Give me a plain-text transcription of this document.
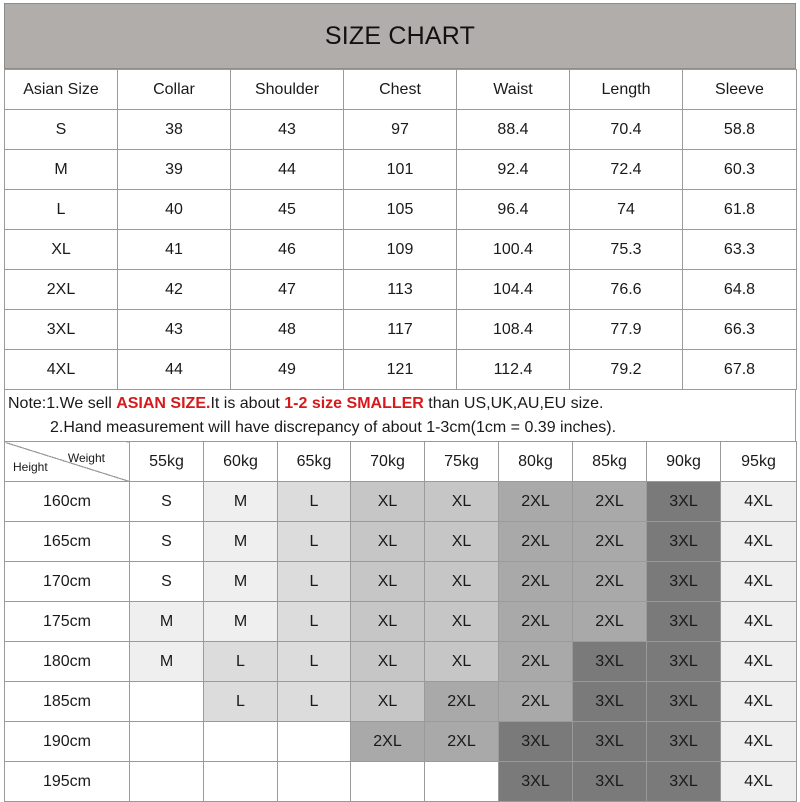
SIZE CHART
Asian Size	Collar	Shoulder	Chest	Waist	Length	Sleeve
S	38	43	97	88.4	70.4	58.8
M	39	44	101	92.4	72.4	60.3
L	40	45	105	96.4	74	61.8
XL	41	46	109	100.4	75.3	63.3
2XL	42	47	113	104.4	76.6	64.8
3XL	43	48	117	108.4	77.9	66.3
4XL	44	49	121	112.4	79.2	67.8
Note:1.We sell ASIAN SIZE.It is about 1-2 size SMALLER than US,UK,AU,EU size.
2.Hand measurement will have discrepancy of about 1-3cm(1cm = 0.39 inches).
Weight
Height	55kg	60kg	65kg	70kg	75kg	80kg	85kg	90kg	95kg
160cm	S	M	L	XL	XL	2XL	2XL	3XL	4XL
165cm	S	M	L	XL	XL	2XL	2XL	3XL	4XL
170cm	S	M	L	XL	XL	2XL	2XL	3XL	4XL
175cm	M	M	L	XL	XL	2XL	2XL	3XL	4XL
180cm	M	L	L	XL	XL	2XL	3XL	3XL	4XL
185cm		L	L	XL	2XL	2XL	3XL	3XL	4XL
190cm				2XL	2XL	3XL	3XL	3XL	4XL
195cm						3XL	3XL	3XL	4XL
